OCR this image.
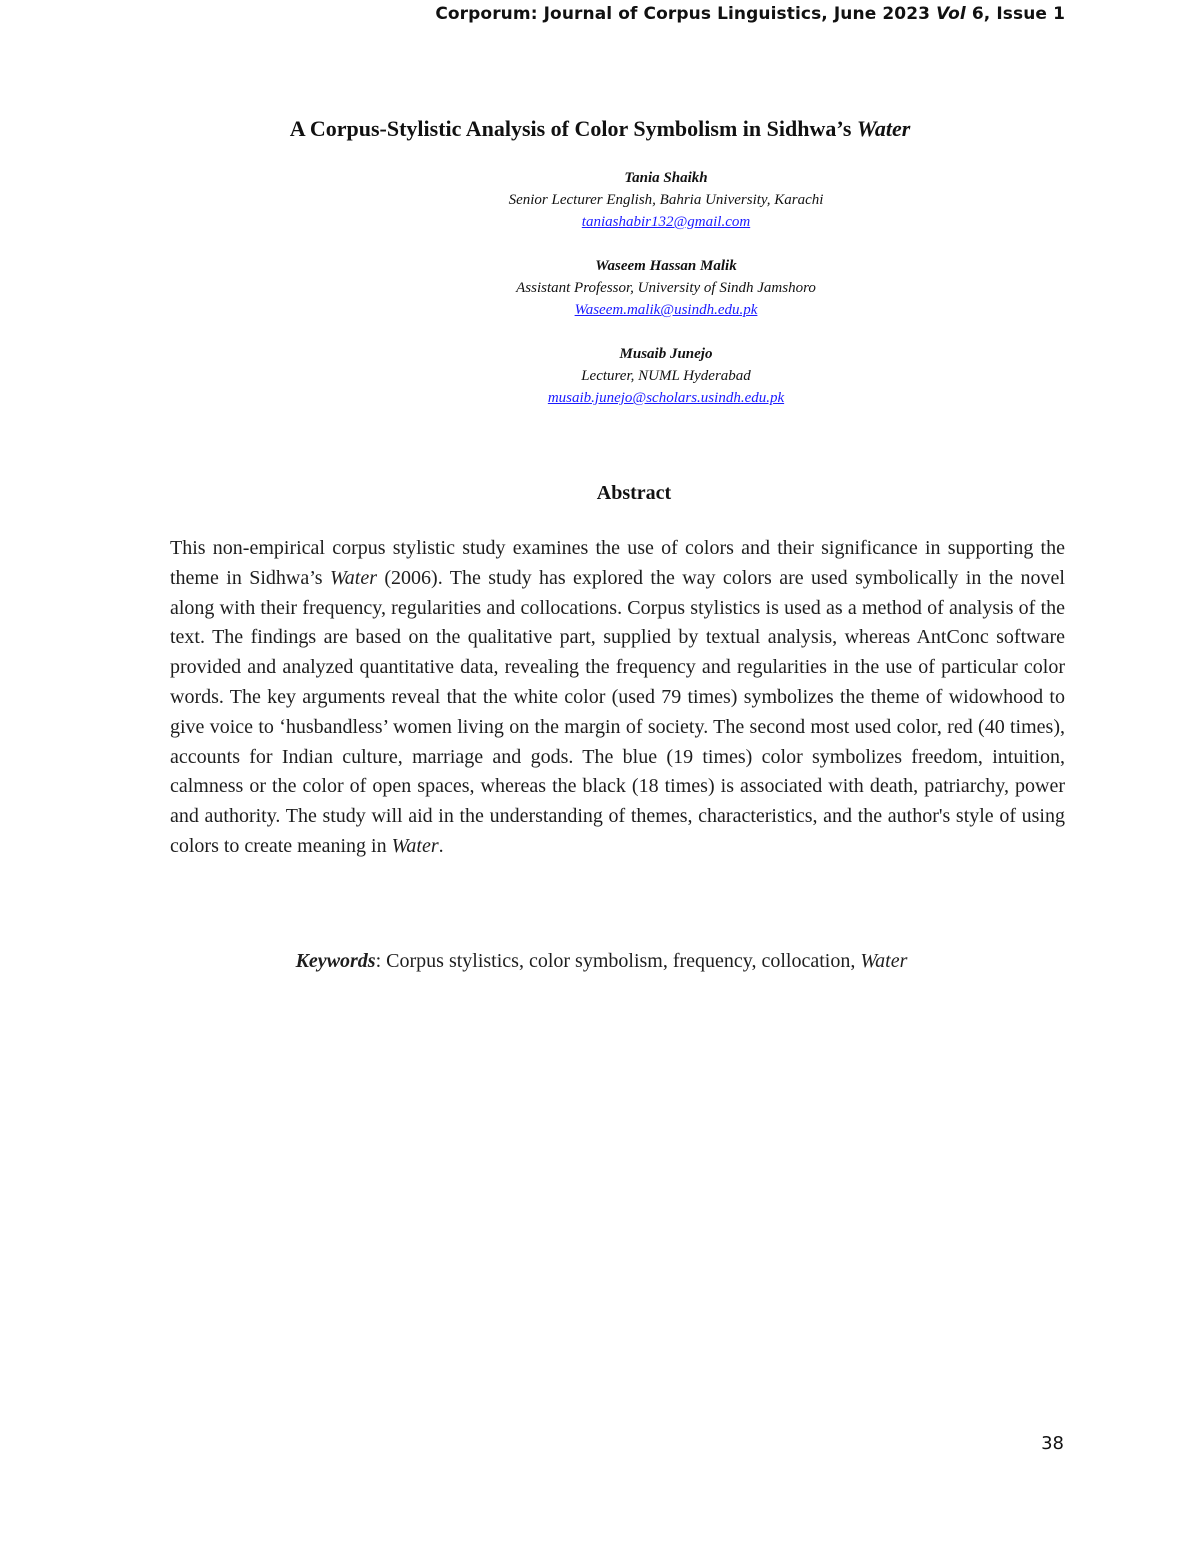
Corporum: Journal of Corpus Linguistics, June 2023 Vol 6, Issue 1
A Corpus-Stylistic Analysis of Color Symbolism in Sidhwa’s Water
Tania Shaikh
Senior Lecturer English, Bahria University, Karachi
taniashabir132@gmail.com
Waseem Hassan Malik
Assistant Professor, University of Sindh Jamshoro
Waseem.malik@usindh.edu.pk
Musaib Junejo
Lecturer, NUML Hyderabad
musaib.junejo@scholars.usindh.edu.pk
Abstract
This non-empirical corpus stylistic study examines the use of colors and their significance in supporting the theme in Sidhwa’s Water (2006). The study has explored the way colors are used symbolically in the novel along with their frequency, regularities and collocations. Corpus stylistics is used as a method of analysis of the text. The findings are based on the qualitative part, supplied by textual analysis, whereas AntConc software provided and analyzed quantitative data, revealing the frequency and regularities in the use of particular color words. The key arguments reveal that the white color (used 79 times) symbolizes the theme of widowhood to give voice to ‘husbandless’ women living on the margin of society. The second most used color, red (40 times), accounts for Indian culture, marriage and gods. The blue (19 times) color symbolizes freedom, intuition, calmness or the color of open spaces, whereas the black (18 times) is associated with death, patriarchy, power and authority. The study will aid in the understanding of themes, characteristics, and the author's style of using colors to create meaning in Water.
Keywords: Corpus stylistics, color symbolism, frequency, collocation, Water
38
